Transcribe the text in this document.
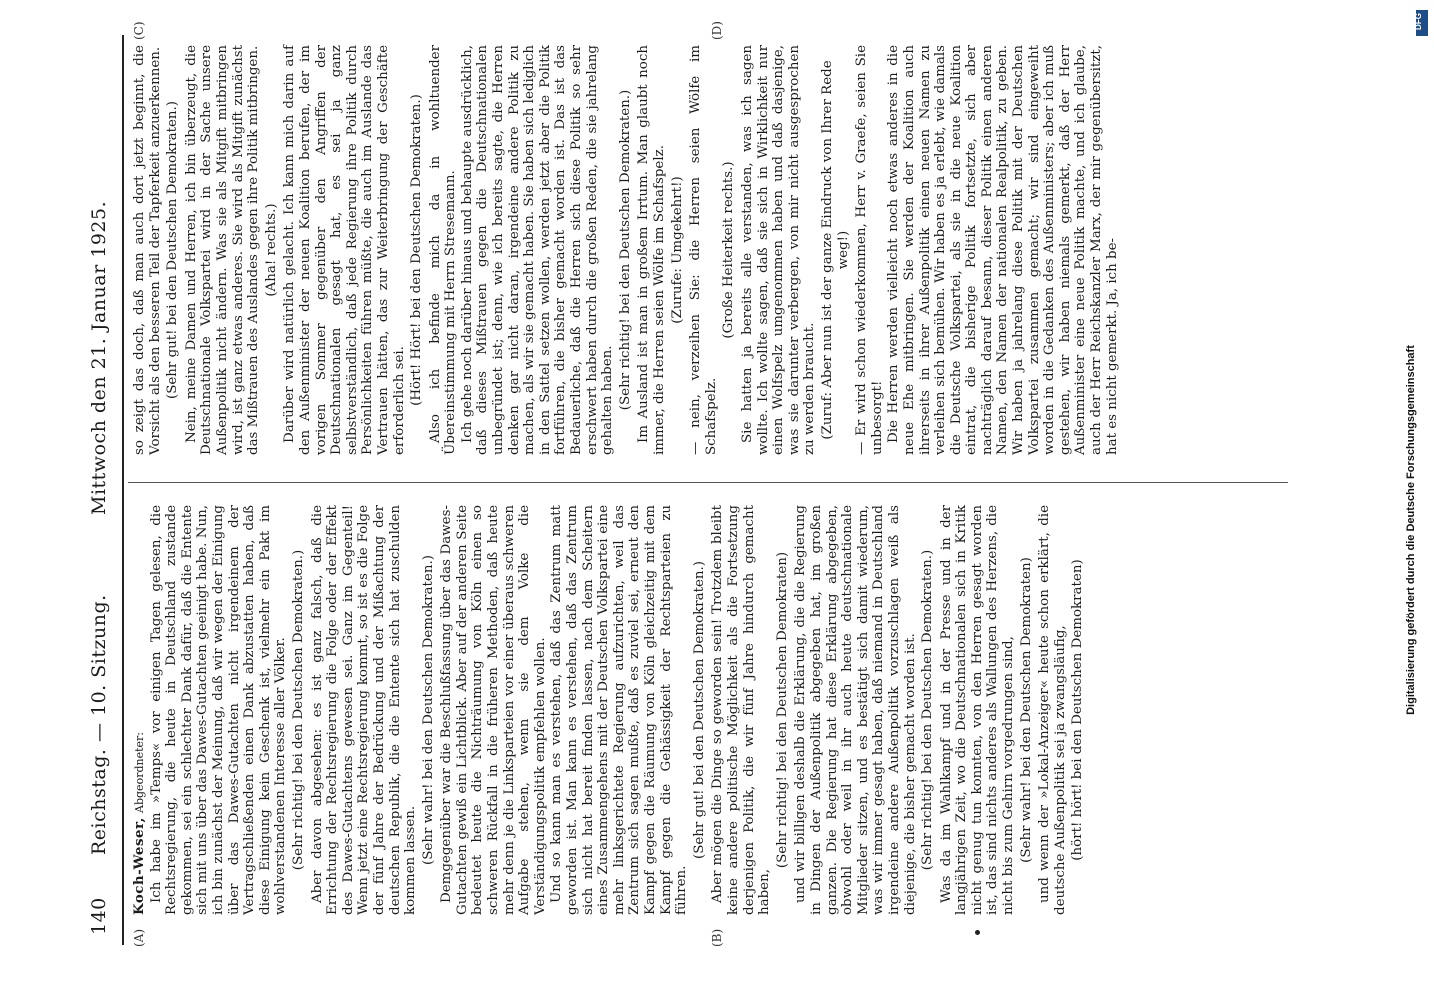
140
Reichstag. — 10. Sitzung.
Mittwoch den 21. Januar 1925.
(A)	(B)
(C)	(D)

Koch-Weser, Abgeordneter: Ich habe im »Temps« vor einigen Tagen gelesen, die Rechtsregierung, die heute in Deutschland zustande gekommen, sei ein schlechter Dank dafür, daß die Entente sich mit uns über das Dawes-Gutachten geeinigt habe. Nun, ich bin zunächst der Meinung, daß wir wegen der Einigung über das Dawes-Gutachten nicht irgendeinem der Vertragschließenden einen Dank abzustatten haben, daß diese Einigung kein Geschenk ist, vielmehr ein Pakt im wohlverstandenen Interesse aller Völker. (Sehr richtig! bei den Deutschen Demokraten.) Aber davon abgesehen: es ist ganz falsch, daß die Errichtung der Rechtsregierung die Folge oder der Effekt des Dawes-Gutachtens gewesen sei. Ganz im Gegenteil! Wenn jetzt eine Rechtsregierung kommt, so ist es die Folge der fünf Jahre der Bedrückung und der Mißachtung der deutschen Republik, die die Entente sich hat zuschulden kommen lassen. (Sehr wahr! bei den Deutschen Demokraten.) Demgegenüber war die Beschlußfassung über das Dawes-Gutachten gewiß ein Lichtblick. Aber auf der anderen Seite bedeutet heute die Nichträumung von Köln einen so schweren Rückfall in die früheren Methoden, daß heute mehr denn je die Linksparteien vor einer überaus schweren Aufgabe stehen, wenn sie dem Volke die Verständigungspolitik empfehlen wollen. Und so kann man es verstehen, daß das Zentrum matt geworden ist. Man kann es verstehen, daß das Zentrum sich nicht hat bereit finden lassen, nach dem Scheitern eines Zusammengehens mit der Deutschen Volkspartei eine mehr linksgerichtete Regierung aufzurichten, weil das Zentrum sich sagen mußte, daß es zuviel sei, erneut den Kampf gegen die Räumung von Köln gleichzeitig mit dem Kampf gegen die Gehässigkeit der Rechtsparteien zu führen.

(Sehr gut! bei den Deutschen Demokraten.) Aber mögen die Dinge so geworden sein! Trotzdem bleibt keine andere politische Möglichkeit als die Fortsetzung derjenigen Politik, die wir fünf Jahre hindurch gemacht haben,

(Sehr richtig! bei den Deutschen Demokraten) und wir billigen deshalb die Erklärung, die die Regierung in Dingen der Außenpolitik abgegeben hat, im großen ganzen. Die Regierung hat diese Erklärung abgegeben, obwohl oder weil in ihr auch heute deutschnationale Mitglieder sitzen, und es bestätigt sich damit wiederum, was wir immer gesagt haben, daß niemand in Deutschland irgendeine andere Außenpolitik vorzuschlagen weiß als diejenige, die bisher gemacht worden ist. (Sehr richtig! bei den Deutschen Demokraten.) Was da im Wahlkampf und in der Presse und in der langjährigen Zeit, wo die Deutschnationalen sich in Kritik nicht genug tun konnten, von den Herren gesagt worden ist, das sind nichts anderes als Wallungen des Herzens, die nicht bis zum Gehirn vorgedrungen sind, (Sehr wahr! bei den Deutschen Demokraten) und wenn der »Lokal-Anzeiger« heute schon erklärt, die deutsche Außenpolitik sei ja zwangsläufig, (hört! hört! bei den Deutschen Demokraten)

so zeigt das doch, daß man auch dort jetzt beginnt, die Vorsicht als den besseren Teil der Tapferkeit anzuerkennen. (Sehr gut! bei den Deutschen Demokraten.) Nein, meine Damen und Herren, ich bin überzeugt, die Deutschnationale Volkspartei wird in der Sache unsere Außenpolitik nicht ändern. Was sie als Mitgift mitbringen wird, ist ganz etwas anderes. Sie wird als Mitgift zunächst das Mißtrauen des Auslandes gegen ihre Politik mitbringen. (Aha! rechts.) Darüber wird natürlich gelacht. Ich kann mich darin auf den Außenminister der neuen Koalition berufen, der im vorigen Sommer gegenüber den Angriffen der Deutschnationalen gesagt hat, es sei ja ganz selbstverständlich, daß jede Regierung ihre Politik durch Persönlichkeiten führen müßte, die auch im Auslande das Vertrauen hätten, das zur Weiterbringung der Geschäfte erforderlich sei. (Hört! Hört! bei den Deutschen Demokraten.) Also ich befinde mich da in wohltuender Übereinstimmung mit Herrn Stresemann. Ich gehe noch darüber hinaus und behaupte ausdrücklich, daß dieses Mißtrauen gegen die Deutschnationalen unbegründet ist; denn, wie ich bereits sagte, die Herren denken gar nicht daran, irgendeine andere Politik zu machen, als wir sie gemacht haben. Sie haben sich lediglich in den Sattel setzen wollen, werden jetzt aber die Politik fortführen, die bisher gemacht worden ist. Das ist das Bedauerliche, daß die Herren sich diese Politik so sehr erschwert haben durch die großen Reden, die sie jahrelang gehalten haben. (Sehr richtig! bei den Deutschen Demokraten.) Im Ausland ist man in großem Irrtum. Man glaubt noch immer, die Herren seien Wölfe im Schafspelz. (Zurufe: Umgekehrt!) — nein, verzeihen Sie: die Herren seien Wölfe im Schafspelz.

(Große Heiterkeit rechts.) Sie hatten ja bereits alle verstanden, was ich sagen wollte. Ich wollte sagen, daß sie sich in Wirklichkeit nur einen Wolfspelz umgenommen haben und daß dasjenige, was sie darunter verbergen, von mir nicht ausgesprochen zu werden braucht. (Zuruf: Aber nun ist der ganze Eindruck von Ihrer Rede weg!) — Er wird schon wiederkommen, Herr v. Graefe, seien Sie unbesorgt! Die Herren werden vielleicht noch etwas anderes in die neue Ehe mitbringen. Sie werden der Koalition auch ihrerseits in ihrer Außenpolitik einen neuen Namen zu verleihen sich bemühen. Wir haben es ja erlebt, wie damals die Deutsche Volkspartei, als sie in die neue Koalition eintrat, die bisherige Politik fortsetzte, sich aber nachträglich darauf besann, dieser Politik einen anderen Namen, den Namen der nationalen Realpolitik, zu geben. Wir haben ja jahrelang diese Politik mit der Deutschen Volkspartei zusammen gemacht; wir sind eingeweiht worden in die Gedanken des Außenministers; aber ich muß gestehen, wir haben niemals gemerkt, daß der Herr Außenminister eine neue Politik machte, und ich glaube, auch der Herr Reichskanzler Marx, der mir gegenübersitzt, hat es nicht gemerkt. Ja, ich be-	Digitalisierung gefördert durch die Deutsche Forschungsgemeinschaft
DFG
